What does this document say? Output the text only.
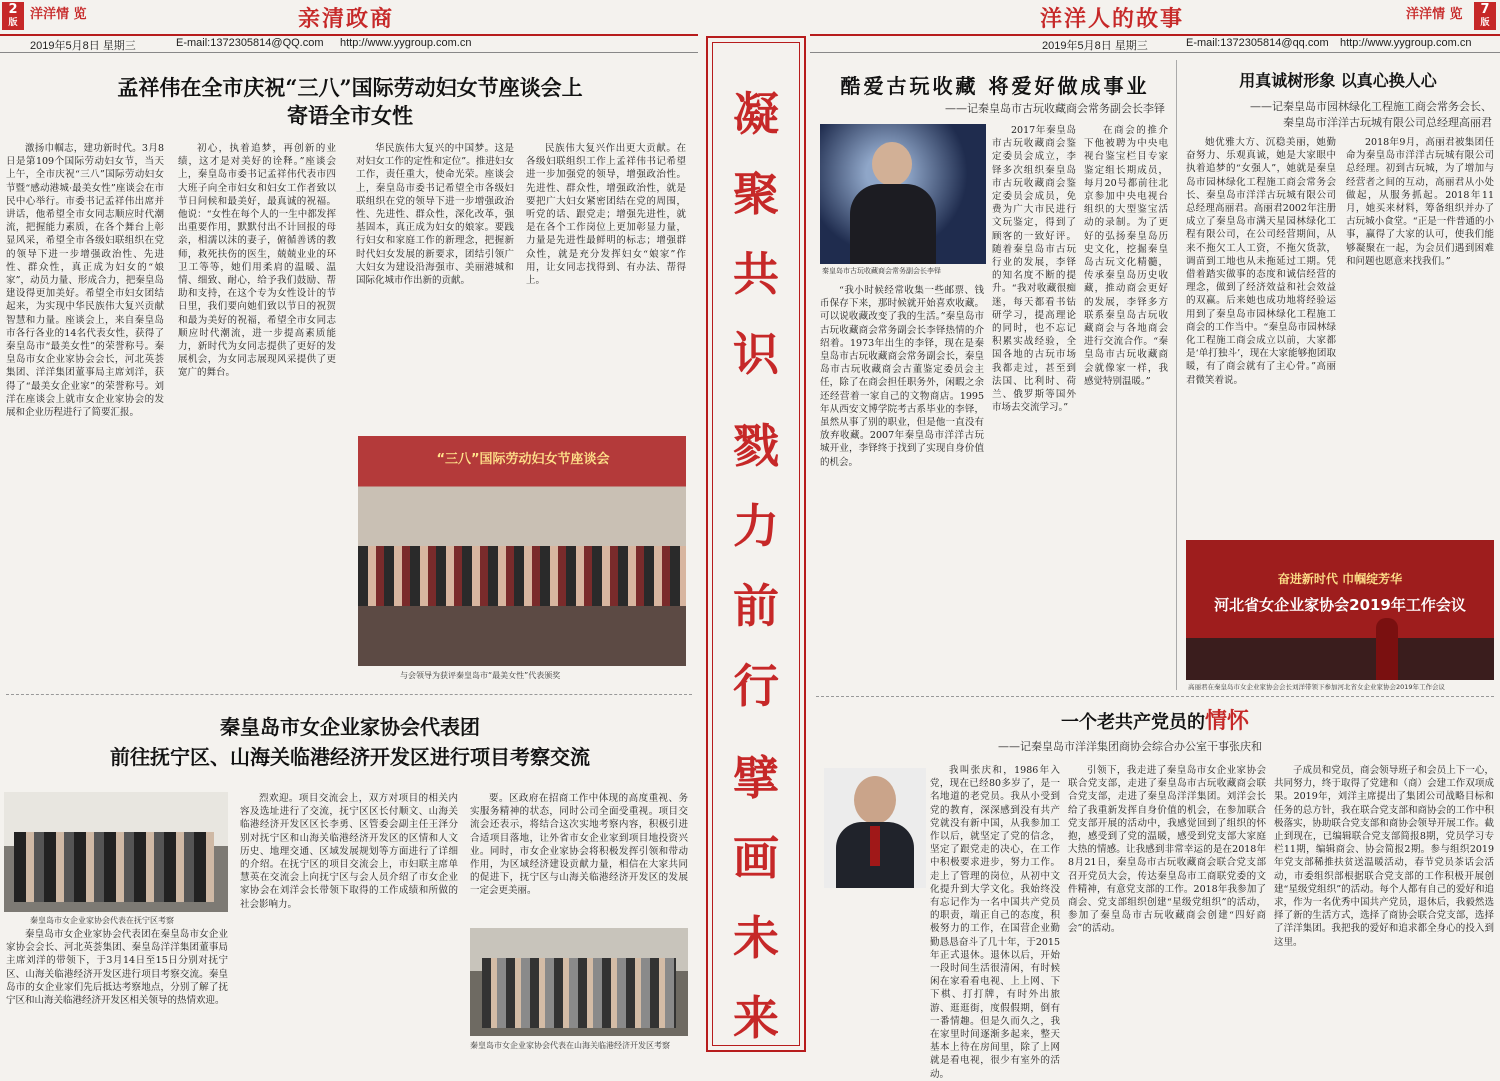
2
版
洋洋情 览	亲清政商
2019年5月8日 星期三	E-mail:1372305814@QQ.com http://www.yygroup.com.cn
孟祥伟在全市庆祝“三八”国际劳动妇女节座谈会上
寄语全市女性
激扬巾帼志，建功新时代。3月8日是第109个国际劳动妇女节，当天上午，全市庆祝“三八”国际劳动妇女节暨“感动港城·最美女性”座谈会在市民中心举行。市委书记孟祥伟出席并讲话，他希望全市女同志顺应时代潮流，把握能力素质，在各个舞台上彰显风采，希望全市各级妇联组织在党的领导下进一步增强政治性、先进性、群众性，真正成为妇女的“娘家”，动员力量、形成合力，把秦皇岛建设得更加美好。希望全市妇女团结起来，为实现中华民族伟大复兴贡献智慧和力量。座谈会上，来自秦皇岛市各行各业的14名代表女性，获得了秦皇岛市“最美女性”的荣誉称号。秦皇岛市女企业家协会会长，河北英荟集团、洋洋集团董事局主席刘洋，获得了“最美女企业家”的荣誉称号。刘洋在座谈会上就市女企业家协会的发展和企业历程进行了简要汇报。
初心，执着追梦，再创新的业绩，这才是对美好的诠释。”座谈会上，秦皇岛市委书记孟祥伟代表市四大班子向全市妇女和妇女工作者致以节日问候和最美好，最真诚的祝福。他说：“女性在每个人的一生中都发挥出重要作用，默默付出不计回报的母亲，相濡以沫的妻子，俯循善诱的教师，救死扶伤的医生，兢兢业业的环卫工等等，她们用柔肩的温暖、温情、细致、耐心，给予我们鼓励、帮助和支持，在这个专为女性设计的节日里，我们要向她们致以节日的祝贺和最为美好的祝福，希望全市女同志顺应时代潮流，进一步提高素质能力，新时代为女同志提供了更好的发展机会，为女同志展现风采提供了更宽广的舞台。
华民族伟大复兴的中国梦。这是对妇女工作的定性和定位”。推进妇女工作，责任重大，使命光荣。座谈会上，秦皇岛市委书记希望全市各级妇联组织在党的领导下进一步增强政治性、先进性、群众性，深化改革，强基固本，真正成为妇女的娘家。要践行妇女和家庭工作的新理念，把握新时代妇女发展的新要求，团结引领广大妇女为建设沿海强市、美丽港城和国际化城市作出新的贡献。
民族伟大复兴作出更大贡献。在各级妇联组织工作上孟祥伟书记希望进一步加强党的领导，增强政治性。先进性、群众性，增强政治性，就是要把广大妇女紧密团结在党的周围，听党的话、跟党走；增强先进性，就是在各个工作岗位上更加彰显力量，力量是先进性最鲜明的标志；增强群众性，就是充分发挥妇女“娘家”作用，让女同志找得到、有办法、帮得上。
“三八”国际劳动妇女节座谈会
与会领导为获评秦皇岛市“最美女性”代表颁奖
秦皇岛市女企业家协会代表团
前往抚宁区、山海关临港经济开发区进行项目考察交流
秦皇岛市女企业家协会代表在抚宁区考察
秦皇岛市女企业家协会代表团在秦皇岛市女企业家协会会长、河北英荟集团、秦皇岛洋洋集团董事局主席刘洋的带领下，于3月14日至15日分别对抚宁区、山海关临港经济开发区进行项目考察交流。秦皇岛市的女企业家们先后抵达考察地点，分别了解了抚宁区和山海关临港经济开发区相关领导的热情欢迎。
烈欢迎。项目交流会上，双方对项目的相关内容及选址进行了交流，抚宁区区长付顺文、山海关临港经济开发区区长李勇、区管委会副主任王泽分别对抚宁区和山海关临港经济开发区的区情和人文历史、地理交通、区域发展规划等方面进行了详细的介绍。在抚宁区的项目交流会上，市妇联主席单慧英在交流会上向抚宁区与会人员介绍了市女企业家协会在刘洋会长带领下取得的工作成绩和所做的社会影响力。
要。区政府在招商工作中体现的高度重视、务实服务精神的状态，同时公司全面受重视。项目交流会还表示，将结合这次实地考察内容，积极引进合适项目落地，让外省市女企业家到项目地投资兴业。同时，市女企业家协会将积极发挥引领和带动作用，为区域经济建设贡献力量，相信在大家共同的促进下，抚宁区与山海关临港经济开发区的发展一定会更美丽。
秦皇岛市女企业家协会代表在山海关临港经济开发区考察
凝
聚
共
识
戮
力
前
行
擘
画
未
来
洋洋人的故事	洋洋情 览	7
版
2019年5月8日 星期三	E-mail:1372305814@qq.com http://www.yygroup.com.cn
酷爱古玩收藏 将爱好做成事业
——记秦皇岛市古玩收藏商会常务副会长李铎
秦皇岛市古玩收藏商会常务副会长李铎
“我小时候经常收集一些邮票、钱币保存下来，那时候就开始喜欢收藏。可以说收藏改变了我的生活。”秦皇岛市古玩收藏商会常务副会长李铎热情的介绍着。1973年出生的李铎，现在是秦皇岛市古玩收藏商会常务副会长，秦皇岛市古玩收藏商会古董鉴定委员会主任，除了在商会担任职务外，闲暇之余还经营着一家自己的文物商店。1995年从西安文博学院考古系毕业的李铎，虽然从事了别的职业，但是他一直没有放弃收藏。2007年秦皇岛市洋洋古玩城开业，李铎终于找到了实现自身价值的机会。
2017年秦皇岛市古玩收藏商会鉴定委员会成立，李铎多次组织秦皇岛市古玩收藏商会鉴定委员会成员，免费为广大市民进行文玩鉴定，得到了顾客的一致好评。随着秦皇岛市古玩行业的发展，李铎的知名度不断的提升。“我对收藏很痴迷，每天都看书钻研学习，提高理论的同时，也不忘记积累实战经验，全国各地的古玩市场我都走过，甚至到法国、比利时、荷兰、俄罗斯等国外市场去交流学习。”
在商会的推介下他被聘为中央电视台鉴宝栏目专家鉴定组长期成员，每月20号都前往北京参加中央电视台组织的大型鉴宝活动的录制。为了更好的弘扬秦皇岛历史文化，挖掘秦皇岛古玩文化精髓，传承秦皇岛历史收藏，推动商会更好的发展，李铎多方联系秦皇岛古玩收藏商会与各地商会进行交流合作。“秦皇岛市古玩收藏商会就像家一样，我感觉特别温暖。”
用真诚树形象 以真心换人心
——记秦皇岛市园林绿化工程施工商会常务会长、
秦皇岛市洋洋古玩城有限公司总经理高丽君
她优雅大方、沉稳美丽，她勤奋努力、乐观真诚，她是大家眼中执着追梦的“女强人”，她就是秦皇岛市园林绿化工程施工商会常务会长、秦皇岛市洋洋古玩城有限公司总经理高丽君。高丽君2002年注册成立了秦皇岛市满天星园林绿化工程有限公司，在公司经营期间，从来不拖欠工人工资，不拖欠货款，调苗到工地也从未拖延过工期。凭借着踏实做事的态度和诚信经营的理念，做到了经济效益和社会效益的双赢。后来她也成功地将经验运用到了秦皇岛市园林绿化工程施工商会的工作当中。“秦皇岛市园林绿化工程施工商会成立以前，大家都是‘单打独斗’，现在大家能够抱团取暖，有了商会就有了主心骨。”高丽君微笑着说。
2018年9月，高丽君被集团任命为秦皇岛市洋洋古玩城有限公司总经理。初到古玩城，为了增加与经营者之间的互动，高丽君从小处做起，从服务抓起。2018年11月，她买来材料，筹备组织并办了古玩城小食堂。“正是一件普通的小事，赢得了大家的认可，使我们能够凝聚在一起，为会员们遇到困难和问题也愿意来找我们。”
奋进新时代 巾帼绽芳华
河北省女企业家协会2019年工作会议
高丽君在秦皇岛市女企业家协会会长刘洋带领下参加河北省女企业家协会2019年工作会议
一个老共产党员的情怀
——记秦皇岛市洋洋集团商协会综合办公室干事张庆和
我叫张庆和，1986年入党，现在已经80多岁了，是一名地道的老党员。我从小受到党的教育，深深感到没有共产党就没有新中国，从我参加工作以后，就坚定了党的信念，坚定了跟党走的决心，在工作中积极要求进步，努力工作。走上了管理的岗位，从初中文化提升到大学文化。我始终没有忘记作为一名中国共产党员的职责，端正自己的态度，积极努力的工作，在国营企业勤勤恳恳奋斗了几十年，于2015年正式退休。退休以后，开始一段时间生活很清闲，有时候闲在家看看电视、上上网、下下棋、打打牌，有时外出旅游、逛逛街，度假假期，倒有一番情趣。但是久而久之，我在家里时间逐渐多起来，整天基本上待在房间里，除了上网就是看电视，很少有室外的活动。
引领下，我走进了秦皇岛市女企业家协会联合党支部，走进了秦皇岛市古玩收藏商会联合党支部，走进了秦皇岛洋洋集团。刘洋会长给了我重新发挥自身价值的机会，在参加联合党支部开展的活动中，我感觉回到了组织的怀抱，感受到了党的温暖，感受到党支部大家庭大热的情感。让我感到非常幸运的是在2018年8月21日，秦皇岛市古玩收藏商会联合党支部召开党员大会，传达秦皇岛市工商联党委的文件精神，有意党支部的工作。2018年我参加了商会、党支部组织创建“星级党组织”的活动，参加了秦皇岛市古玩收藏商会创建“四好商会”的活动。
子成员和党员，商会领导班子和会员上下一心，共同努力，终于取得了党建和（商）会建工作双项成果。2019年，刘洋主席提出了集团公司战略目标和任务的总方针，我在联合党支部和商协会的工作中积极落实，协助联合党支部和商协会领导开展工作。截止到现在，已编辑联合党支部简报8期，党员学习专栏11期，编辑商会、协会简报2期。参与组织2019年党支部稀推扶贫送温暖活动，春节党员茶话会活动，市委组织部根据联合党支部的工作积极开展创建“星级党组织”的活动。每个人都有自己的爱好和追求，作为一名优秀中国共产党员，退休后，我毅然选择了新的生活方式，选择了商协会联合党支部，选择了洋洋集团。我把我的爱好和追求都全身心的投入到这里。
